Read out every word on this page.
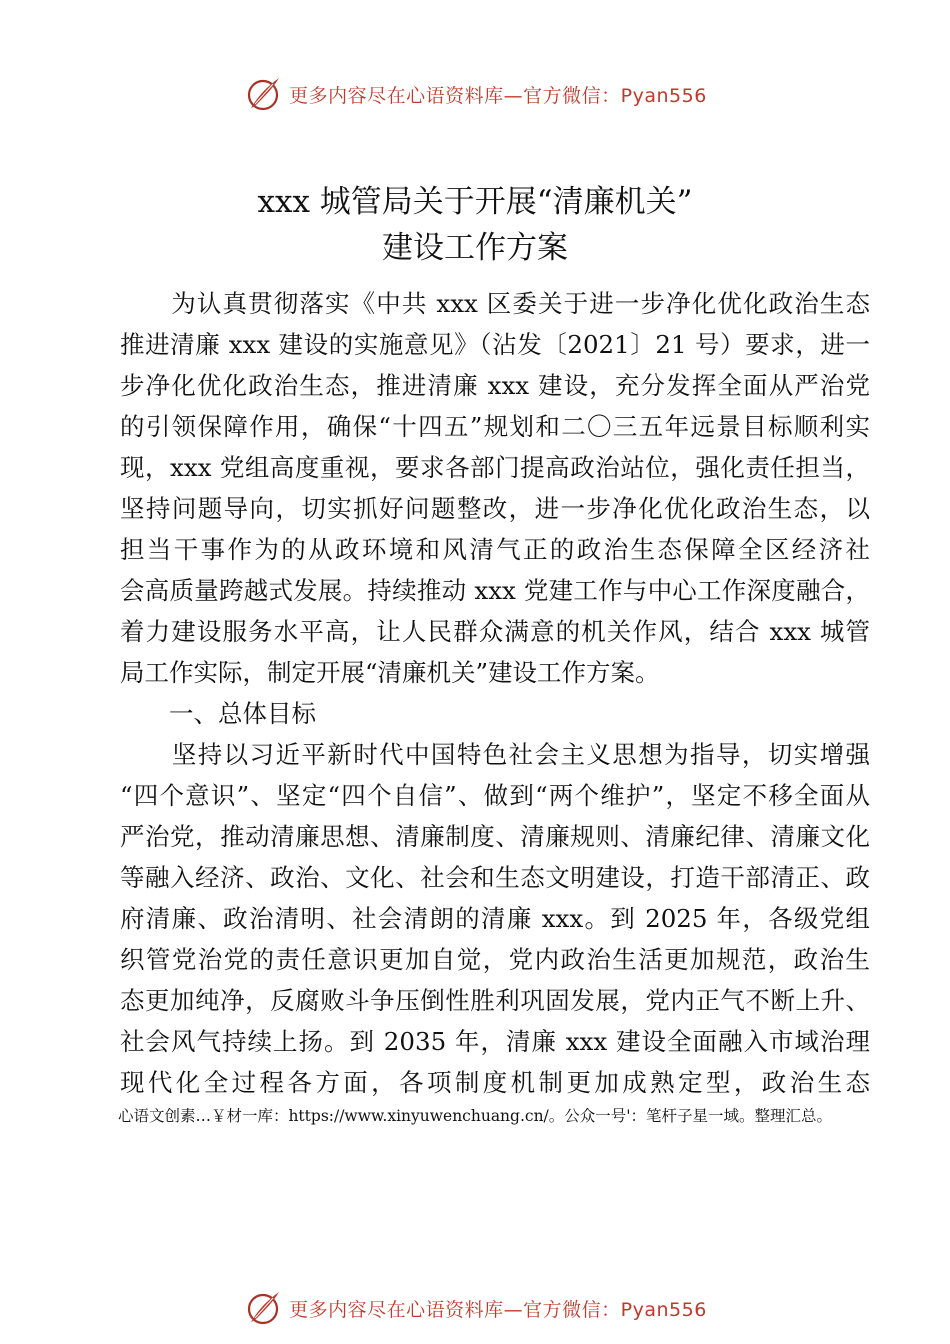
更多内容尽在心语资料库—官方微信：Pyan556
xxx 城管局关于开展“清廉机关”
建设工作方案
　　为认真贯彻落实《中共 xxx 区委关于进一步净化优化政治生态
推进清廉 xxx 建设的实施意见》（沾发〔2021〕21 号）要求，进一
步净化优化政治生态，推进清廉 xxx 建设，充分发挥全面从严治党
的引领保障作用，确保“十四五”规划和二〇三五年远景目标顺利实
现，xxx 党组高度重视，要求各部门提高政治站位，强化责任担当，
坚持问题导向，切实抓好问题整改，进一步净化优化政治生态，以
担当干事作为的从政环境和风清气正的政治生态保障全区经济社
会高质量跨越式发展。持续推动 xxx 党建工作与中心工作深度融合，
着力建设服务水平高，让人民群众满意的机关作风，结合 xxx 城管
局工作实际，制定开展“清廉机关”建设工作方案。
　　一、总体目标
　　坚持以习近平新时代中国特色社会主义思想为指导，切实增强
“四个意识”、坚定“四个自信”、做到“两个维护”，坚定不移全面从
严治党，推动清廉思想、清廉制度、清廉规则、清廉纪律、清廉文化
等融入经济、政治、文化、社会和生态文明建设，打造干部清正、政
府清廉、政治清明、社会清朗的清廉 xxx。到 2025 年，各级党组
织管党治党的责任意识更加自觉，党内政治生活更加规范，政治生
态更加纯净，反腐败斗争压倒性胜利巩固发展，党内正气不断上升、
社会风气持续上扬。到 2035 年，清廉 xxx 建设全面融入市域治理
现代化全过程各方面，各项制度机制更加成熟定型，政治生态
心语文创素…￥材一库：https://www.xinyuwenchuang.cn/。公众一号'：笔杆子星一域。整理汇总。
更多内容尽在心语资料库—官方微信：Pyan556
